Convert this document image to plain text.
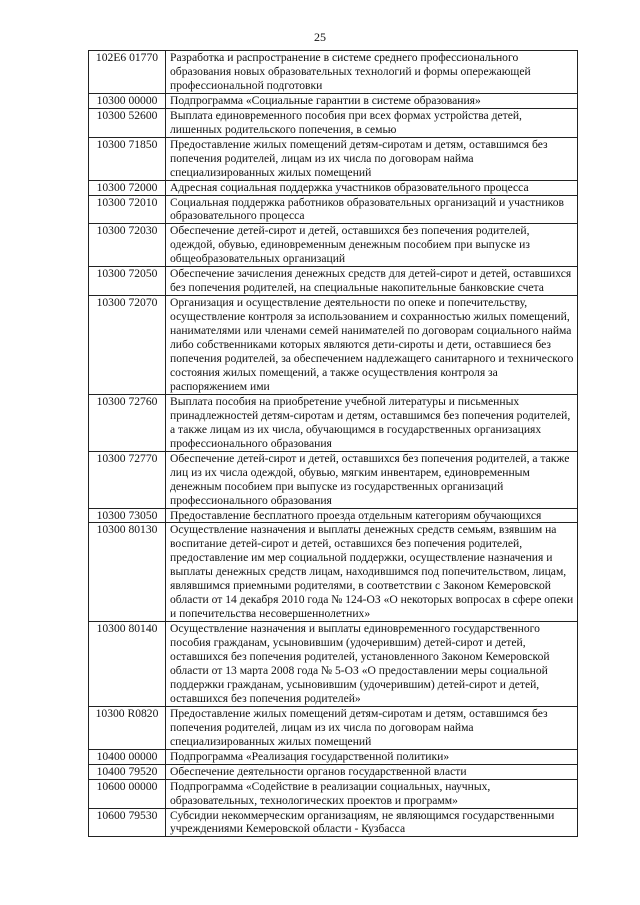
25
102Е6 01770	Разработка и распространение в системе среднего профессионального образования новых образовательных технологий и формы опережающей профессиональной подготовки
10300 00000	Подпрограмма «Социальные гарантии в системе образования»
10300 52600	Выплата единовременного пособия при всех формах устройства детей, лишенных родительского попечения, в семью
10300 71850	Предоставление жилых помещений детям-сиротам и детям, оставшимся без попечения родителей, лицам из их числа по договорам найма специализированных жилых помещений
10300 72000	Адресная социальная поддержка участников образовательного процесса
10300 72010	Социальная поддержка работников образовательных организаций и участников образовательного процесса
10300 72030	Обеспечение детей-сирот и детей, оставшихся без попечения родителей, одеждой, обувью, единовременным денежным пособием при выпуске из общеобразовательных организаций
10300 72050	Обеспечение зачисления денежных средств для детей-сирот и детей, оставшихся без попечения родителей, на специальные накопительные банковские счета
10300 72070	Организация и осуществление деятельности по опеке и попечительству, осуществление контроля за использованием и сохранностью жилых помещений, нанимателями или членами семей нанимателей по договорам социального найма либо собственниками которых являются дети-сироты и дети, оставшиеся без попечения родителей, за обеспечением надлежащего санитарного и технического состояния жилых помещений, а также осуществления контроля за распоряжением ими
10300 72760	Выплата пособия на приобретение учебной литературы и письменных принадлежностей детям-сиротам и детям, оставшимся без попечения родителей, а также лицам из их числа, обучающимся в государственных организациях профессионального образования
10300 72770	Обеспечение детей-сирот и детей, оставшихся без попечения родителей, а также лиц из их числа одеждой, обувью, мягким инвентарем, единовременным денежным пособием при выпуске из государственных организаций профессионального образования
10300 73050	Предоставление бесплатного проезда отдельным категориям обучающихся
10300 80130	Осуществление назначения и выплаты денежных средств семьям, взявшим на воспитание детей-сирот и детей, оставшихся без попечения родителей, предоставление им мер социальной поддержки, осуществление назначения и выплаты денежных средств лицам, находившимся под попечительством, лицам, являвшимся приемными родителями, в соответствии с Законом Кемеровской области от 14 декабря 2010 года № 124-ОЗ «О некоторых вопросах в сфере опеки и попечительства несовершеннолетних»
10300 80140	Осуществление назначения и выплаты единовременного государственного пособия гражданам, усыновившим (удочерившим) детей-сирот и детей, оставшихся без попечения родителей, установленного Законом Кемеровской области от 13 марта 2008 года № 5-ОЗ «О предоставлении меры социальной поддержки гражданам, усыновившим (удочерившим) детей-сирот и детей, оставшихся без попечения родителей»
10300 R0820	Предоставление жилых помещений детям-сиротам и детям, оставшимся без попечения родителей, лицам из их числа по договорам найма специализированных жилых помещений
10400 00000	Подпрограмма «Реализация государственной политики»
10400 79520	Обеспечение деятельности органов государственной власти
10600 00000	Подпрограмма «Содействие в реализации социальных, научных, образовательных, технологических проектов и программ»
10600 79530	Субсидии некоммерческим организациям, не являющимся государственными учреждениями Кемеровской области - Кузбасса
